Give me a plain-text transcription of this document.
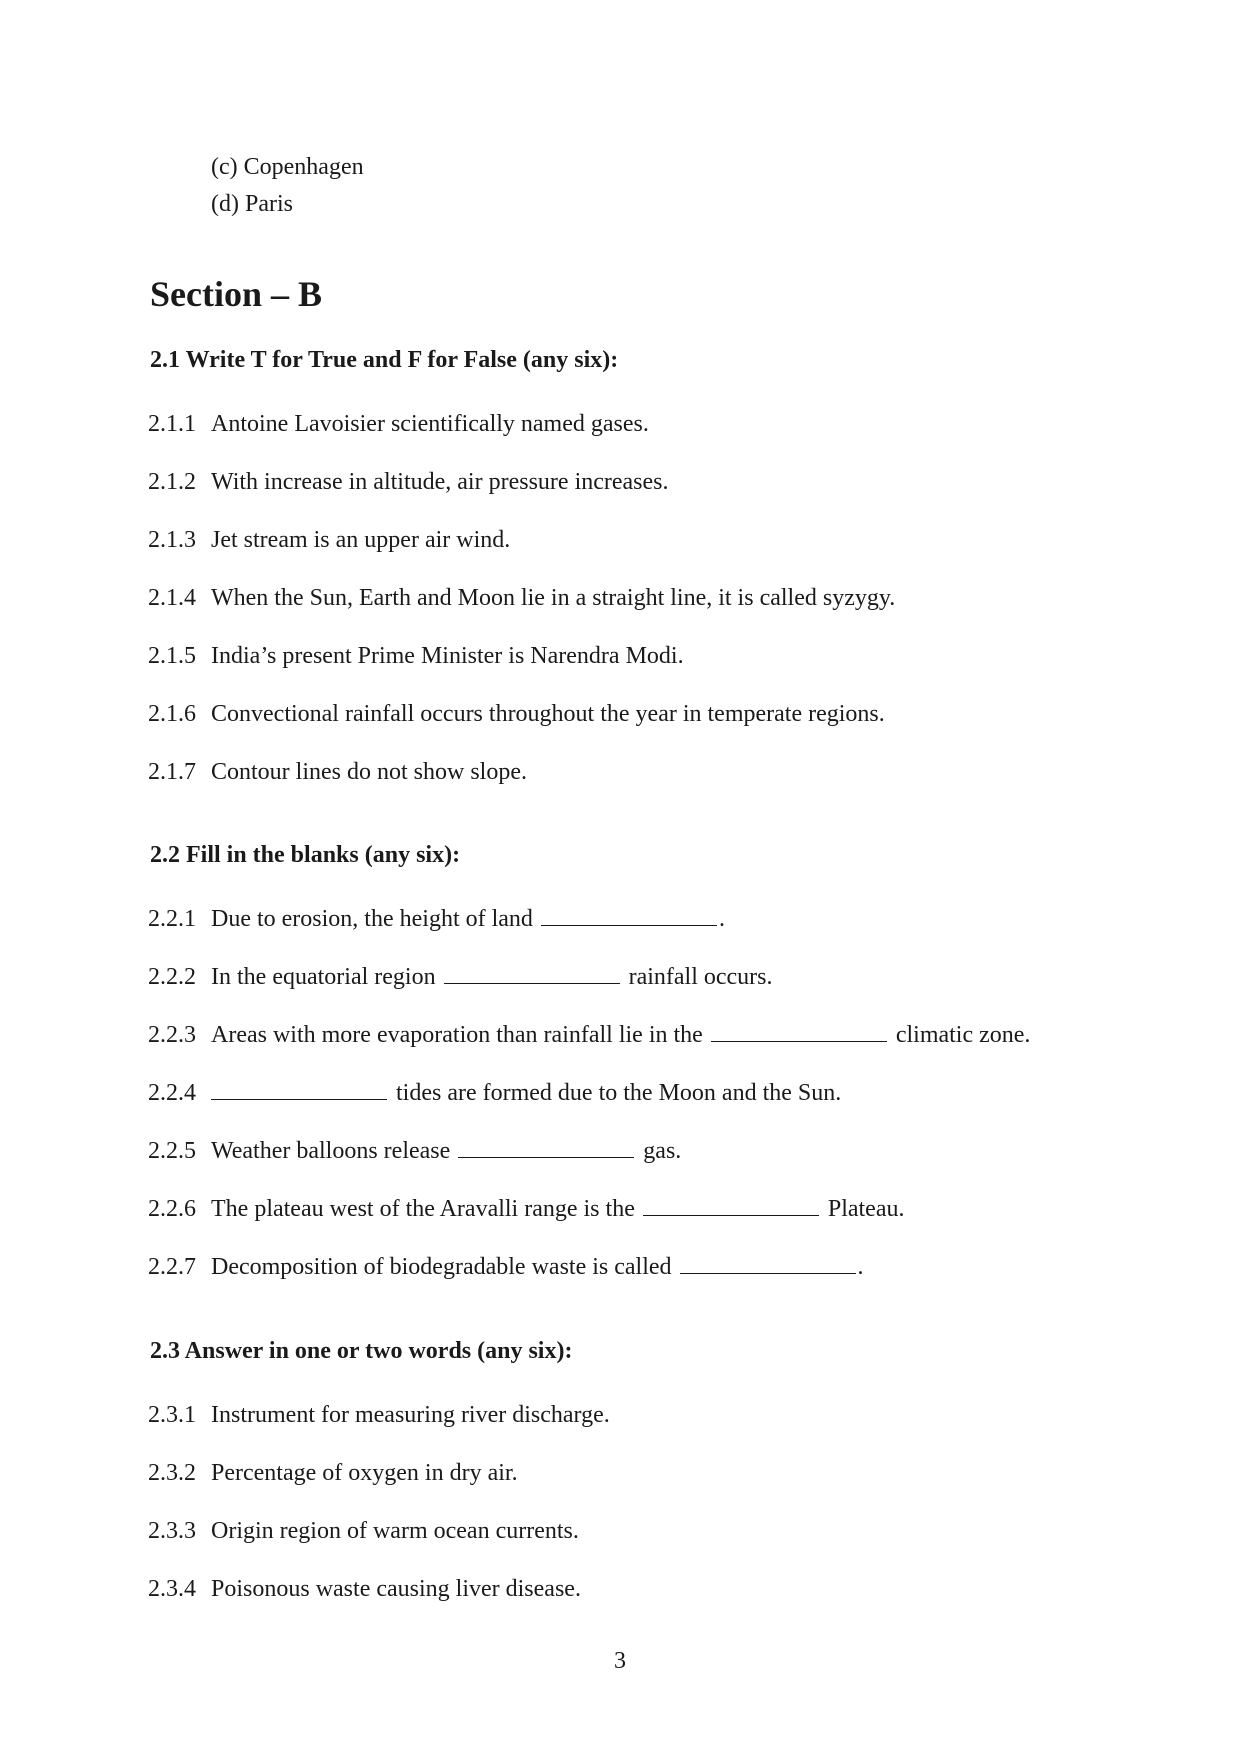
(c) Copenhagen
(d) Paris
Section – B
2.1 Write T for True and F for False (any six):
2.1.1 Antoine Lavoisier scientifically named gases.
2.1.2 With increase in altitude, air pressure increases.
2.1.3 Jet stream is an upper air wind.
2.1.4 When the Sun, Earth and Moon lie in a straight line, it is called syzygy.
2.1.5 India’s present Prime Minister is Narendra Modi.
2.1.6 Convectional rainfall occurs throughout the year in temperate regions.
2.1.7 Contour lines do not show slope.
2.2 Fill in the blanks (any six):
2.2.1 Due to erosion, the height of land	.
2.2.2 In the equatorial region	rainfall occurs.
2.2.3 Areas with more evaporation than rainfall lie in the	climatic zone.
2.2.4	tides are formed due to the Moon and the Sun.
2.2.5 Weather balloons release	gas.
2.2.6 The plateau west of the Aravalli range is the	Plateau.
2.2.7 Decomposition of biodegradable waste is called	.
2.3 Answer in one or two words (any six):
2.3.1 Instrument for measuring river discharge.
2.3.2 Percentage of oxygen in dry air.
2.3.3 Origin region of warm ocean currents.
2.3.4 Poisonous waste causing liver disease.
3
